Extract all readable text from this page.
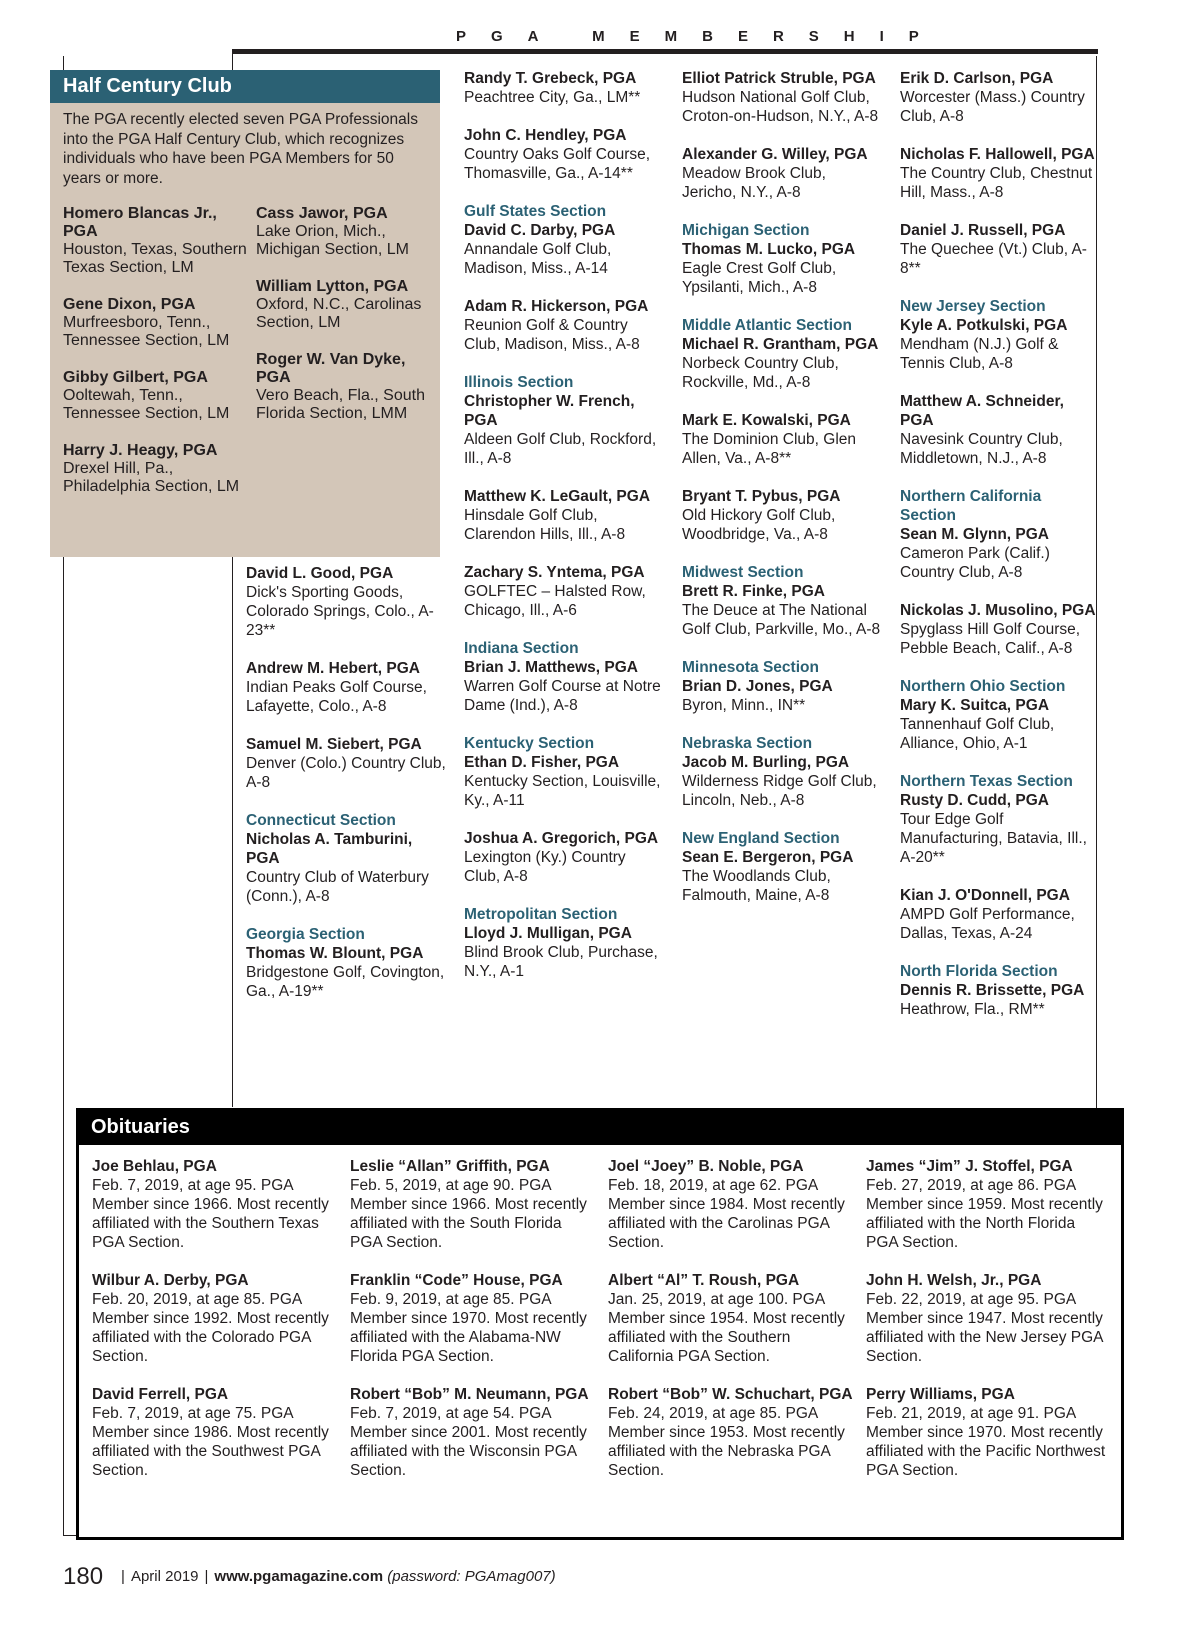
PGA MEMBERSHIP
Half Century Club
The PGA recently elected seven PGA Professionals into the PGA Half Century Club, which recognizes individuals who have been PGA Members for 50 years or more.
Homero Blancas Jr., PGA
Houston, Texas, Southern Texas Section, LM
Gene Dixon, PGA
Murfreesboro, Tenn., Tennessee Section, LM
Gibby Gilbert, PGA
Ooltewah, Tenn., Tennessee Section, LM
Harry J. Heagy, PGA
Drexel Hill, Pa., Philadelphia Section, LM
Cass Jawor, PGA
Lake Orion, Mich., Michigan Section, LM
William Lytton, PGA
Oxford, N.C., Carolinas Section, LM
Roger W. Van Dyke, PGA
Vero Beach, Fla., South Florida Section, LMM
David L. Good, PGA
Dick's Sporting Goods, Colorado Springs, Colo., A-23**
Andrew M. Hebert, PGA
Indian Peaks Golf Course, Lafayette, Colo., A-8
Samuel M. Siebert, PGA
Denver (Colo.) Country Club, A-8
Connecticut Section
Nicholas A. Tamburini, PGA
Country Club of Waterbury (Conn.), A-8
Georgia Section
Thomas W. Blount, PGA
Bridgestone Golf, Covington, Ga., A-19**
Randy T. Grebeck, PGA
Peachtree City, Ga., LM**
John C. Hendley, PGA
Country Oaks Golf Course, Thomasville, Ga., A-14**
Gulf States Section
David C. Darby, PGA
Annandale Golf Club, Madison, Miss., A-14
Adam R. Hickerson, PGA
Reunion Golf & Country Club, Madison, Miss., A-8
Illinois Section
Christopher W. French, PGA
Aldeen Golf Club, Rockford, Ill., A-8
Matthew K. LeGault, PGA
Hinsdale Golf Club, Clarendon Hills, Ill., A-8
Zachary S. Yntema, PGA
GOLFTEC – Halsted Row, Chicago, Ill., A-6
Indiana Section
Brian J. Matthews, PGA
Warren Golf Course at Notre Dame (Ind.), A-8
Kentucky Section
Ethan D. Fisher, PGA
Kentucky Section, Louisville, Ky., A-11
Joshua A. Gregorich, PGA
Lexington (Ky.) Country Club, A-8
Metropolitan Section
Lloyd J. Mulligan, PGA
Blind Brook Club, Purchase, N.Y., A-1
Elliot Patrick Struble, PGA
Hudson National Golf Club, Croton-on-Hudson, N.Y., A-8
Alexander G. Willey, PGA
Meadow Brook Club, Jericho, N.Y., A-8
Michigan Section
Thomas M. Lucko, PGA
Eagle Crest Golf Club, Ypsilanti, Mich., A-8
Middle Atlantic Section
Michael R. Grantham, PGA
Norbeck Country Club, Rockville, Md., A-8
Mark E. Kowalski, PGA
The Dominion Club, Glen Allen, Va., A-8**
Bryant T. Pybus, PGA
Old Hickory Golf Club, Woodbridge, Va., A-8
Midwest Section
Brett R. Finke, PGA
The Deuce at The National Golf Club, Parkville, Mo., A-8
Minnesota Section
Brian D. Jones, PGA
Byron, Minn., IN**
Nebraska Section
Jacob M. Burling, PGA
Wilderness Ridge Golf Club, Lincoln, Neb., A-8
New England Section
Sean E. Bergeron, PGA
The Woodlands Club, Falmouth, Maine, A-8
Erik D. Carlson, PGA
Worcester (Mass.) Country Club, A-8
Nicholas F. Hallowell, PGA
The Country Club, Chestnut Hill, Mass., A-8
Daniel J. Russell, PGA
The Quechee (Vt.) Club, A-8**
New Jersey Section
Kyle A. Potkulski, PGA
Mendham (N.J.) Golf & Tennis Club, A-8
Matthew A. Schneider, PGA
Navesink Country Club, Middletown, N.J., A-8
Northern California Section
Sean M. Glynn, PGA
Cameron Park (Calif.) Country Club, A-8
Nickolas J. Musolino, PGA
Spyglass Hill Golf Course, Pebble Beach, Calif., A-8
Northern Ohio Section
Mary K. Suitca, PGA
Tannenhauf Golf Club, Alliance, Ohio, A-1
Northern Texas Section
Rusty D. Cudd, PGA
Tour Edge Golf Manufacturing, Batavia, Ill., A-20**
Kian J. O'Donnell, PGA
AMPD Golf Performance, Dallas, Texas, A-24
North Florida Section
Dennis R. Brissette, PGA
Heathrow, Fla., RM**
Obituaries
Joe Behlau, PGA
Feb. 7, 2019, at age 95. PGA Member since 1966. Most recently affiliated with the Southern Texas PGA Section.
Wilbur A. Derby, PGA
Feb. 20, 2019, at age 85. PGA Member since 1992. Most recently affiliated with the Colorado PGA Section.
David Ferrell, PGA
Feb. 7, 2019, at age 75. PGA Member since 1986. Most recently affiliated with the Southwest PGA Section.
Leslie “Allan” Griffith, PGA
Feb. 5, 2019, at age 90. PGA Member since 1966. Most recently affiliated with the South Florida PGA Section.
Franklin “Code” House, PGA
Feb. 9, 2019, at age 85. PGA Member since 1970. Most recently affiliated with the Alabama-NW Florida PGA Section.
Robert “Bob” M. Neumann, PGA
Feb. 7, 2019, at age 54. PGA Member since 2001. Most recently affiliated with the Wisconsin PGA Section.
Joel “Joey” B. Noble, PGA
Feb. 18, 2019, at age 62. PGA Member since 1984. Most recently affiliated with the Carolinas PGA Section.
Albert “Al” T. Roush, PGA
Jan. 25, 2019, at age 100. PGA Member since 1954. Most recently affiliated with the Southern California PGA Section.
Robert “Bob” W. Schuchart, PGA
Feb. 24, 2019, at age 85. PGA Member since 1953. Most recently affiliated with the Nebraska PGA Section.
James “Jim” J. Stoffel, PGA
Feb. 27, 2019, at age 86. PGA Member since 1959. Most recently affiliated with the North Florida PGA Section.
John H. Welsh, Jr., PGA
Feb. 22, 2019, at age 95. PGA Member since 1947. Most recently affiliated with the New Jersey PGA Section.
Perry Williams, PGA
Feb. 21, 2019, at age 91. PGA Member since 1970. Most recently affiliated with the Pacific Northwest PGA Section.
180 | April 2019 | www.pgamagazine.com (password: PGAmag007)
